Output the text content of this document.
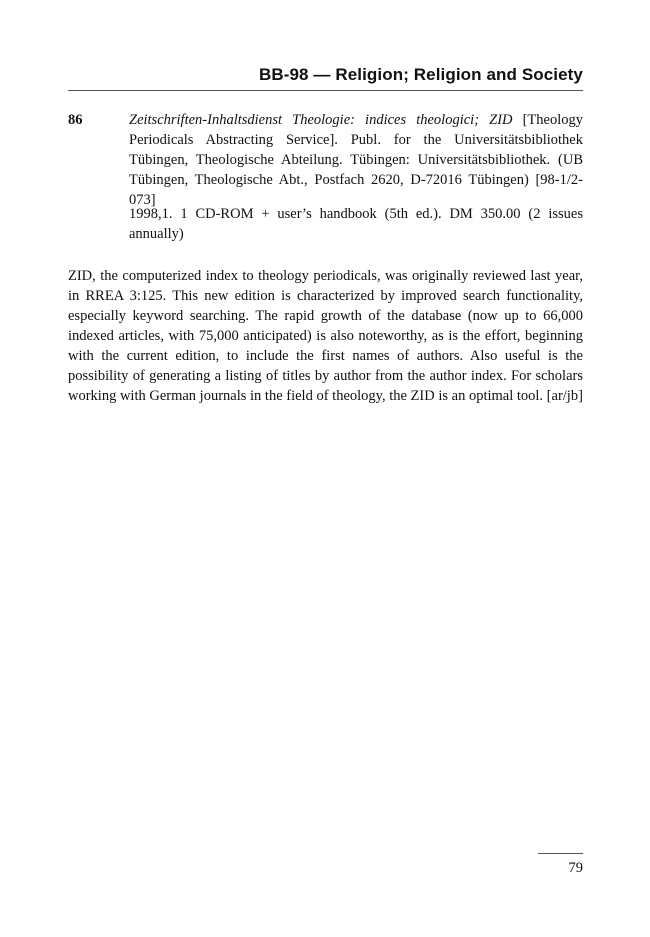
BB-98 — Religion; Religion and Society
86	Zeitschriften-Inhaltsdienst Theologie: indices theologici; ZID [Theology Periodicals Abstracting Service]. Publ. for the Universitätsbibliothek Tübingen, Theologische Abteilung. Tübingen: Universitätsbibliothek. (UB Tübingen, Theologische Abt., Postfach 2620, D-72016 Tübingen) [98-1/2-073]
1998,1. 1 CD-ROM + user’s handbook (5th ed.). DM 350.00 (2 issues annually)
ZID, the computerized index to theology periodicals, was originally reviewed last year, in RREA 3:125. This new edition is characterized by improved search functionality, especially keyword searching. The rapid growth of the database (now up to 66,000 indexed articles, with 75,000 anticipated) is also noteworthy, as is the effort, beginning with the current edition, to include the first names of authors. Also useful is the possibility of generating a listing of titles by author from the author index. For scholars working with German journals in the field of theology, the ZID is an optimal tool. [ar/jb]
79
